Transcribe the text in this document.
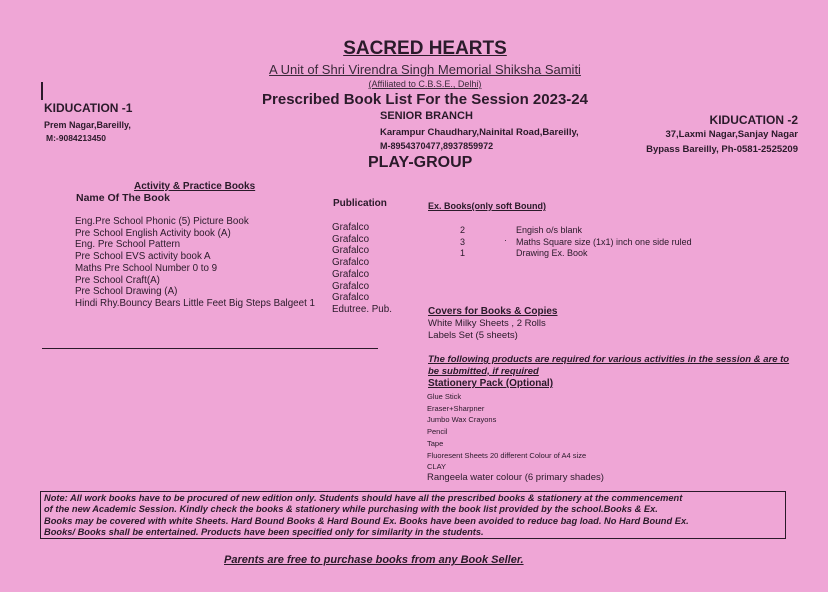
SACRED HEARTS
A Unit of Shri Virendra Singh Memorial Shiksha Samiti
(Affiliated to C.B.S.E., Delhi)
Prescribed Book List For the Session 2023-24
KIDUCATION -1
Prem Nagar,Bareilly,
M:-9084213450
SENIOR BRANCH
Karampur Chaudhary,Nainital Road,Bareilly,
M-8954370477,8937859972
KIDUCATION -2
37,Laxmi Nagar,Sanjay Nagar
Bypass Bareilly, Ph-0581-2525209
PLAY-GROUP
Activity & Practice Books
Name Of The Book	Publication	Ex. Books(only soft Bound)
Eng.Pre School Phonic (5) Picture Book
Pre School English Activity book (A)
Eng. Pre School Pattern
Pre School EVS activity book A
Maths Pre School Number 0 to 9
Pre School Craft(A)
Pre School Drawing (A)
Hindi Rhy.Bouncy Bears Little Feet Big Steps Balgeet 1
Grafalco
Grafalco
Grafalco
Grafalco
Grafalco
Grafalco
Grafalco
Edutree. Pub.
2
3
1
·
Engish o/s blank
Maths Square size (1x1) inch one side ruled
Drawing Ex. Book
Covers for Books & Copies
White Milky Sheets , 2 Rolls
Labels Set (5 sheets)
The following products are required for various activities in the session & are to
be submitted, if required
Stationery Pack (Optional)
Glue Stick
Eraser+Sharpner
Jumbo Wax Crayons
Pencil
Tape
Fluoresent Sheets 20 different Colour of A4 size
CLAY
Rangeela water colour (6 primary shades)
Note: All work books have to be procured of new edition only. Students should have all the prescribed books & stationery at the commencement
of the new Academic Session. Kindly check the books & stationery while purchasing with the book list provided by the school.Books & Ex.
Books may be covered with white Sheets. Hard Bound Books & Hard Bound Ex. Books have been avoided to reduce bag load. No Hard Bound Ex.
Books/ Books shall be entertained. Products have been specified only for similarity in the students.
Parents are free to purchase books from any Book Seller.
